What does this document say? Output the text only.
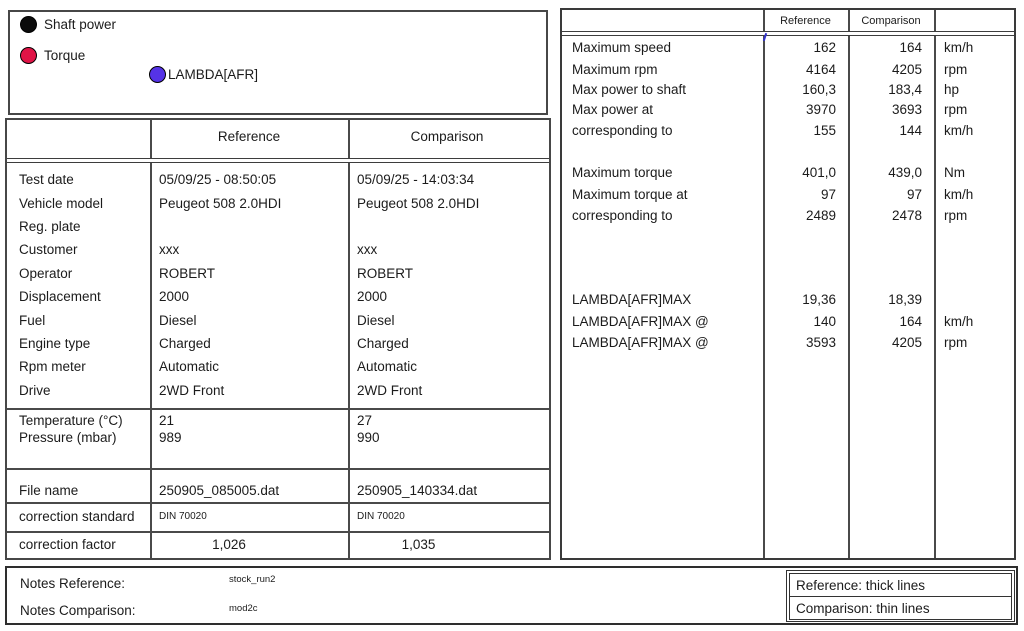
Shaft power
Torque
LAMBDA[AFR]
Reference	Comparison
Test date	05/09/25 - 08:50:05	05/09/25 - 14:03:34
Vehicle model	Peugeot 508 2.0HDI	Peugeot 508 2.0HDI
Reg. plate
Customer	xxx	xxx
Operator	ROBERT	ROBERT
Displacement	2000	2000
Fuel	Diesel	Diesel
Engine type	Charged	Charged
Rpm meter	Automatic	Automatic
Drive	2WD Front	2WD Front
Temperature (°C)	21	27
Pressure (mbar)	989	990
File name	250905_085005.dat	250905_140334.dat
correction standard	DIN 70020	DIN 70020
correction factor	1,026	1,035
Reference	Comparison
Maximum speed	162	164	km/h
Maximum rpm	4164	4205	rpm
Max power to shaft	160,3	183,4	hp
Max power at	3970	3693	rpm
corresponding to	155	144	km/h
Maximum torque	401,0	439,0	Nm
Maximum torque at	97	97	km/h
corresponding to	2489	2478	rpm
LAMBDA[AFR]MAX	19,36	18,39
LAMBDA[AFR]MAX @	140	164	km/h
LAMBDA[AFR]MAX @	3593	4205	rpm
Notes Reference:	stock_run2
Notes Comparison:	mod2c
Reference: thick lines
Comparison: thin lines
